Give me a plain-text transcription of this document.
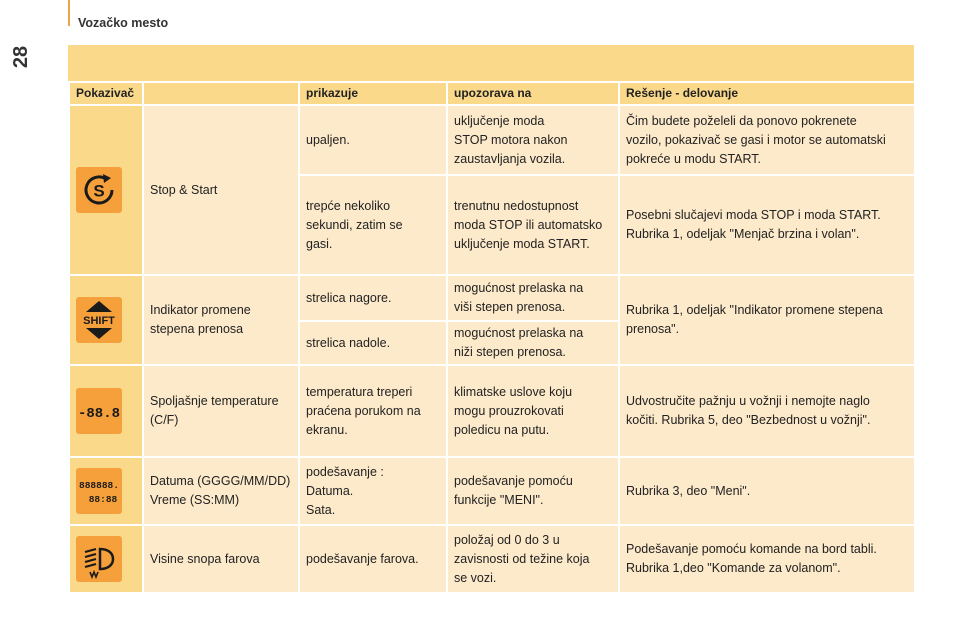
Vozačko mesto
28
Pokazivač		prikazuje	upozorava na	Rešenje - delovanje

S	Stop & Start	upaljen.	uključenje moda
STOP motora nakon
zaustavljanja vozila.	Čim budete poželeli da ponovo pokrenete
vozilo, pokazivač se gasi i motor se automatski
pokreće u modu START.
		trepće nekoliko
sekundi, zatim se
gasi.	trenutnu nedostupnost
moda STOP ili automatsko
uključenje moda START.	Posebni slučajevi moda STOP i moda START.
Rubrika 1, odeljak "Menjač brzina i volan".

SHIFT	Indikator promene
stepena prenosa	strelica nagore.	mogućnost prelaska na
viši stepen prenosa.	Rubrika 1, odeljak "Indikator promene stepena
prenosa".
		strelica nadole.	mogućnost prelaska na
niži stepen prenosa.	

-88.8	Spoljašnje temperature
(C/F)	temperatura treperi
praćena porukom na
ekranu.	klimatske uslove koju
mogu prouzrokovati
poledicu na putu.	Udvostručite pažnju u vožnji i nemojte naglo
kočiti. Rubrika 5, deo "Bezbednost u vožnji".

888888.
88:88	Datuma (GGGG/MM/DD)
Vreme (SS:MM)	podešavanje :
Datuma.
Sata.	podešavanje pomoću
funkcije "MENI".	Rubrika 3, deo "Meni".

	Visine snopa farova	podešavanje farova.	položaj od 0 do 3 u
zavisnosti od težine koja
se vozi.	Podešavanje pomoću komande na bord tabli.
Rubrika 1,deo "Komande za volanom".
